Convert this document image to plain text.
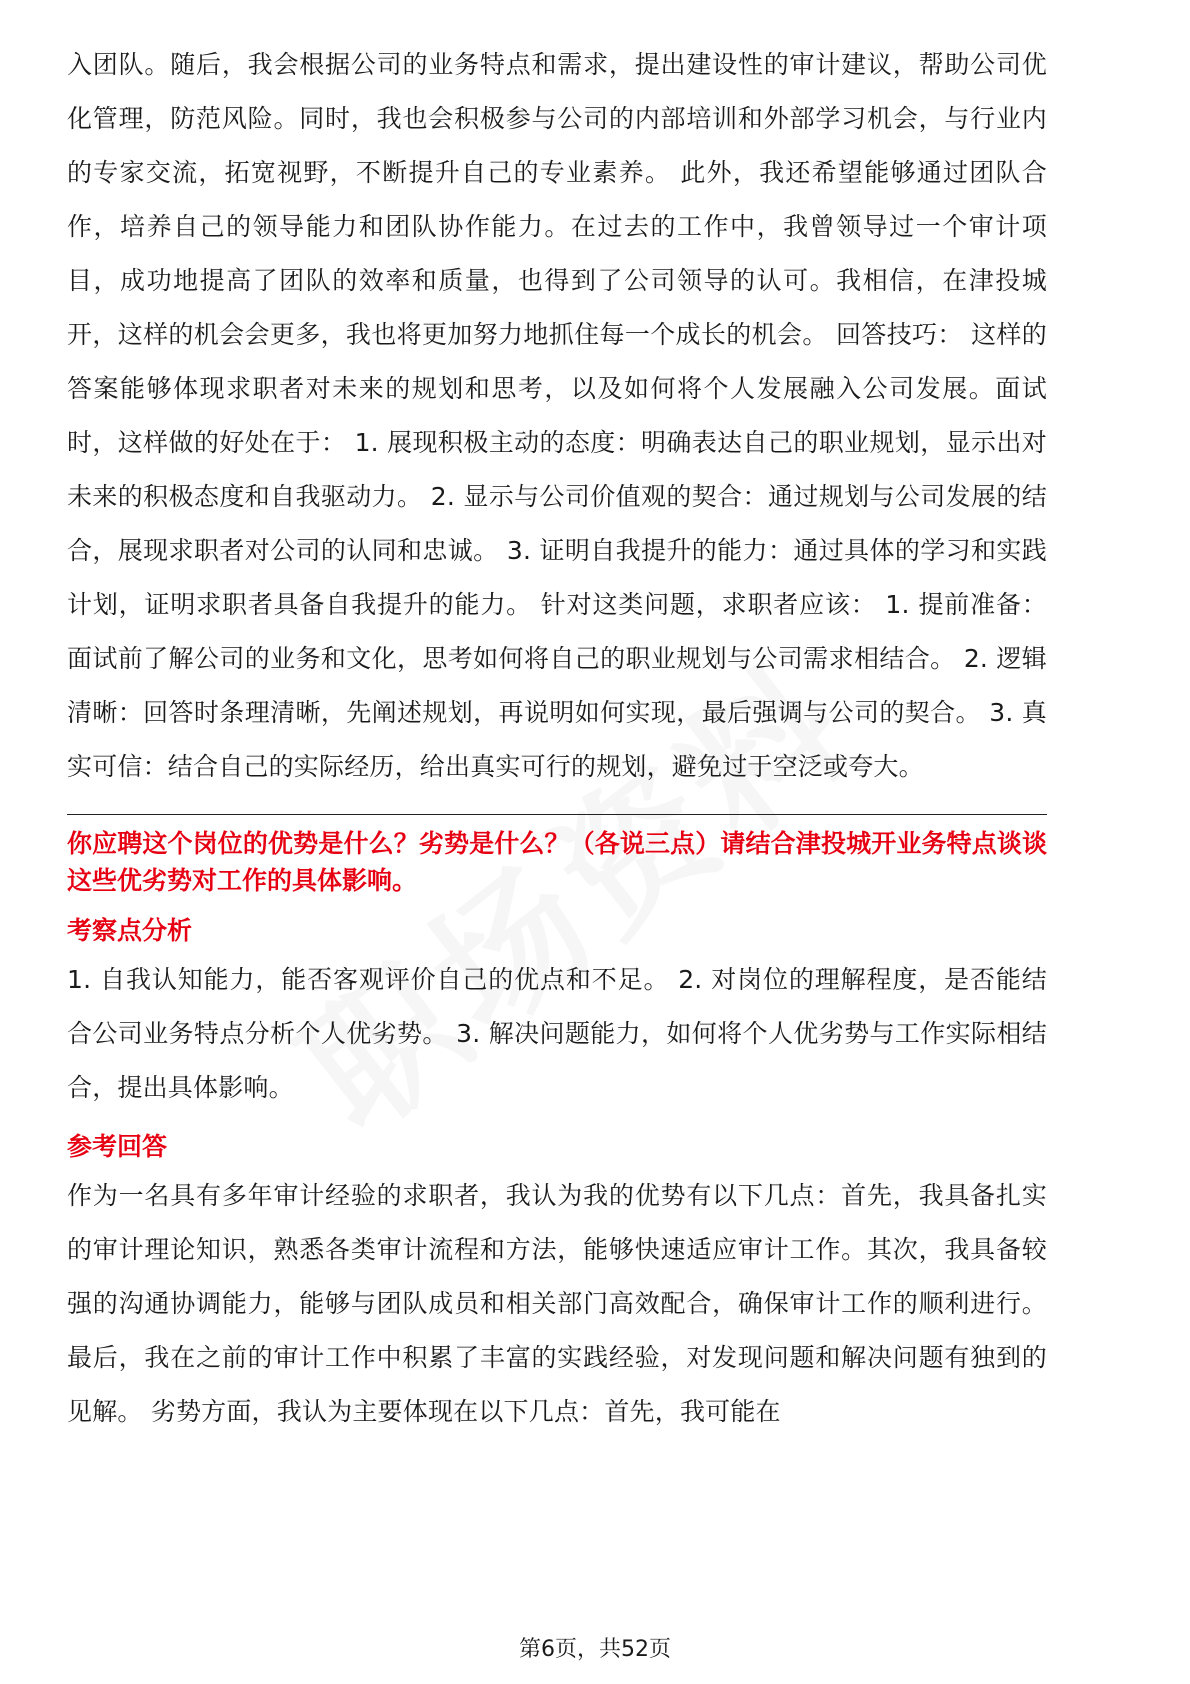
入团队。随后，我会根据公司的业务特点和需求，提出建设性的审计建议，帮助公司优化管理，防范风险。同时，我也会积极参与公司的内部培训和外部学习机会，与行业内的专家交流，拓宽视野，不断提升自己的专业素养。 此外，我还希望能够通过团队合作，培养自己的领导能力和团队协作能力。在过去的工作中，我曾领导过一个审计项目，成功地提高了团队的效率和质量，也得到了公司领导的认可。我相信，在津投城开，这样的机会会更多，我也将更加努力地抓住每一个成长的机会。 回答技巧： 这样的答案能够体现求职者对未来的规划和思考，以及如何将个人发展融入公司发展。面试时，这样做的好处在于： 1. 展现积极主动的态度：明确表达自己的职业规划，显示出对未来的积极态度和自我驱动力。 2. 显示与公司价值观的契合：通过规划与公司发展的结合，展现求职者对公司的认同和忠诚。 3. 证明自我提升的能力：通过具体的学习和实践计划，证明求职者具备自我提升的能力。 针对这类问题，求职者应该： 1. 提前准备：面试前了解公司的业务和文化，思考如何将自己的职业规划与公司需求相结合。 2. 逻辑清晰：回答时条理清晰，先阐述规划，再说明如何实现，最后强调与公司的契合。 3. 真实可信：结合自己的实际经历，给出真实可行的规划，避免过于空泛或夸大。

你应聘这个岗位的优势是什么？劣势是什么？（各说三点）请结合津投城开业务特点谈谈这些优劣势对工作的具体影响。

考察点分析

1. 自我认知能力，能否客观评价自己的优点和不足。 2. 对岗位的理解程度，是否能结合公司业务特点分析个人优劣势。 3. 解决问题能力，如何将个人优劣势与工作实际相结合，提出具体影响。

参考回答

作为一名具有多年审计经验的求职者，我认为我的优势有以下几点：首先，我具备扎实的审计理论知识，熟悉各类审计流程和方法，能够快速适应审计工作。其次，我具备较强的沟通协调能力，能够与团队成员和相关部门高效配合，确保审计工作的顺利进行。最后，我在之前的审计工作中积累了丰富的实践经验，对发现问题和解决问题有独到的见解。 劣势方面，我认为主要体现在以下几点：首先，我可能在

第6页，共52页
